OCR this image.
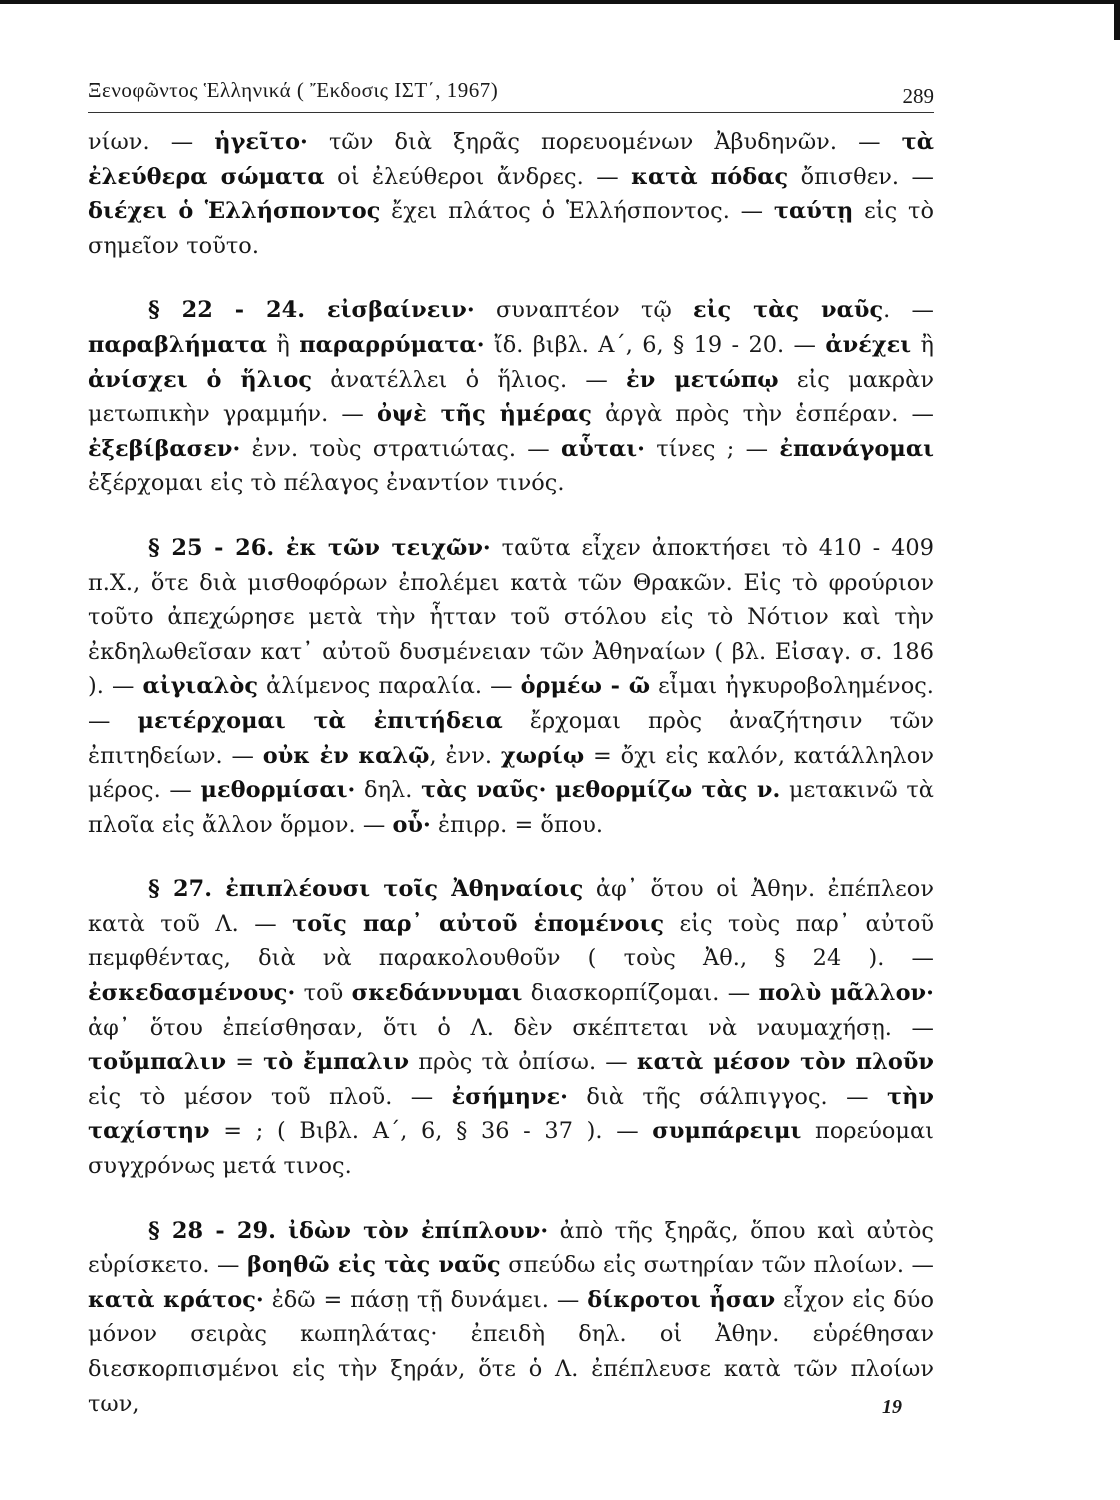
Ξενοφῶντος Ἑλληνικά ( Ἔκδοσις ΙΣΤ΄, 1967)	289

νίων. — ἡγεῖτο· τῶν διὰ ξηρᾶς πορευομένων Ἀβυδηνῶν. — τὰ ἐλεύθερα σώματα οἱ ἐλεύθεροι ἄνδρες. — κατὰ πόδας ὄπισθεν. — διέχει ὁ Ἑλλήσποντος ἔχει πλάτος ὁ Ἑλλήσποντος. — ταύτῃ εἰς τὸ σημεῖον τοῦτο.

§ 22 - 24. εἰσβαίνειν· συναπτέον τῷ εἰς τὰς ναῦς. — παραβλήματα ἢ παραρρύματα· ἴδ. βιβλ. Α΄, 6, § 19 - 20. — ἀνέχει ἢ ἀνίσχει ὁ ἥλιος ἀνατέλλει ὁ ἥλιος. — ἐν μετώπῳ εἰς μακρὰν μετωπικὴν γραμμήν. — ὀψὲ τῆς ἡμέρας ἀργὰ πρὸς τὴν ἑσπέραν. — ἐξεβίβασεν· ἐνν. τοὺς στρατιώτας. — αὗται· τίνες ; — ἐπανάγομαι ἐξέρχομαι εἰς τὸ πέλαγος ἐναντίον τινός.

§ 25 - 26. ἐκ τῶν τειχῶν· ταῦτα εἶχεν ἀποκτήσει τὸ 410 - 409 π.Χ., ὅτε διὰ μισθοφόρων ἐπολέμει κατὰ τῶν Θρακῶν. Εἰς τὸ φρούριον τοῦτο ἀπεχώρησε μετὰ τὴν ἧτταν τοῦ στόλου εἰς τὸ Νότιον καὶ τὴν ἐκδηλωθεῖσαν κατ᾽ αὐτοῦ δυσμένειαν τῶν Ἀθηναίων ( βλ. Εἰσαγ. σ. 186 ). — αἰγιαλὸς ἀλίμενος παραλία. — ὁρμέω - ῶ εἶμαι ἠγκυροβολημένος. — μετέρχομαι τὰ ἐπιτήδεια ἔρχομαι πρὸς ἀναζήτησιν τῶν ἐπιτηδείων. — οὐκ ἐν καλῷ, ἐνν. χωρίῳ = ὄχι εἰς καλόν, κατάλληλον μέρος. — μεθορμίσαι· δηλ. τὰς ναῦς· μεθορμίζω τὰς ν. μετακινῶ τὰ πλοῖα εἰς ἄλλον ὅρμον. — οὗ· ἐπιρρ. = ὅπου.

§ 27. ἐπιπλέουσι τοῖς Ἀθηναίοις ἀφ᾽ ὅτου οἱ Ἀθην. ἐπέπλεον κατὰ τοῦ Λ. — τοῖς παρ᾽ αὐτοῦ ἑπομένοις εἰς τοὺς παρ᾽ αὐτοῦ πεμφθέντας, διὰ νὰ παρακολουθοῦν ( τοὺς Ἀθ., § 24 ). — ἐσκεδασμένους· τοῦ σκεδάννυμαι διασκορπίζομαι. — πολὺ μᾶλλον· ἀφ᾽ ὅτου ἐπείσθησαν, ὅτι ὁ Λ. δὲν σκέπτεται νὰ ναυμαχήσῃ. — τοὔμπαλιν = τὸ ἔμπαλιν πρὸς τὰ ὀπίσω. — κατὰ μέσον τὸν πλοῦν εἰς τὸ μέσον τοῦ πλοῦ. — ἐσήμηνε· διὰ τῆς σάλπιγγος. — τὴν ταχίστην = ; ( Βιβλ. Α΄, 6, § 36 - 37 ). — συμπάρειμι πορεύομαι συγχρόνως μετά τινος.

§ 28 - 29. ἰδὼν τὸν ἐπίπλουν· ἀπὸ τῆς ξηρᾶς, ὅπου καὶ αὐτὸς εὑρίσκετο. — βοηθῶ εἰς τὰς ναῦς σπεύδω εἰς σωτηρίαν τῶν πλοίων. — κατὰ κράτος· ἐδῶ = πάσῃ τῇ δυνάμει. — δίκροτοι ἦσαν εἶχον εἰς δύο μόνον σειρὰς κωπηλάτας· ἐπειδὴ δηλ. οἱ Ἀθην. εὑρέθησαν διεσκορπισμένοι εἰς τὴν ξηράν, ὅτε ὁ Λ. ἐπέπλευσε κατὰ τῶν πλοίων των,	19
